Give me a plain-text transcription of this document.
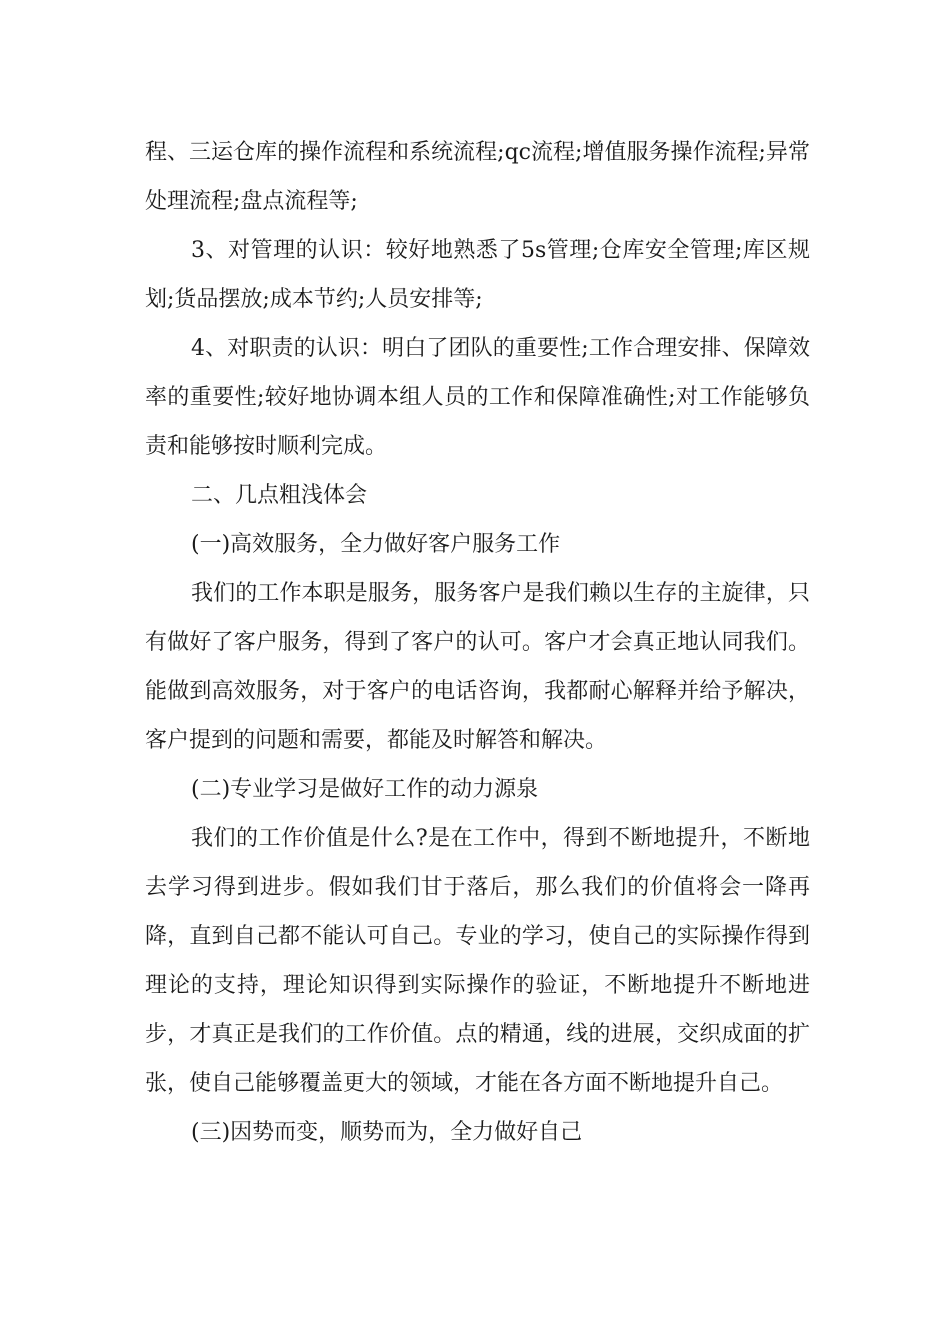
程、三运仓库的操作流程和系统流程;qc流程;增值服务操作流程;异常处理流程;盘点流程等;

3、对管理的认识：较好地熟悉了5s管理;仓库安全管理;库区规划;货品摆放;成本节约;人员安排等;

4、对职责的认识：明白了团队的重要性;工作合理安排、保障效率的重要性;较好地协调本组人员的工作和保障准确性;对工作能够负责和能够按时顺利完成。

二、几点粗浅体会

(一)高效服务，全力做好客户服务工作

我们的工作本职是服务，服务客户是我们赖以生存的主旋律，只有做好了客户服务，得到了客户的认可。客户才会真正地认同我们。能做到高效服务，对于客户的电话咨询，我都耐心解释并给予解决，客户提到的问题和需要，都能及时解答和解决。

(二)专业学习是做好工作的动力源泉

我们的工作价值是什么?是在工作中，得到不断地提升，不断地去学习得到进步。假如我们甘于落后，那么我们的价值将会一降再降，直到自己都不能认可自己。专业的学习，使自己的实际操作得到理论的支持，理论知识得到实际操作的验证，不断地提升不断地进步，才真正是我们的工作价值。点的精通，线的进展，交织成面的扩张，使自己能够覆盖更大的领域，才能在各方面不断地提升自己。

(三)因势而变，顺势而为，全力做好自己
